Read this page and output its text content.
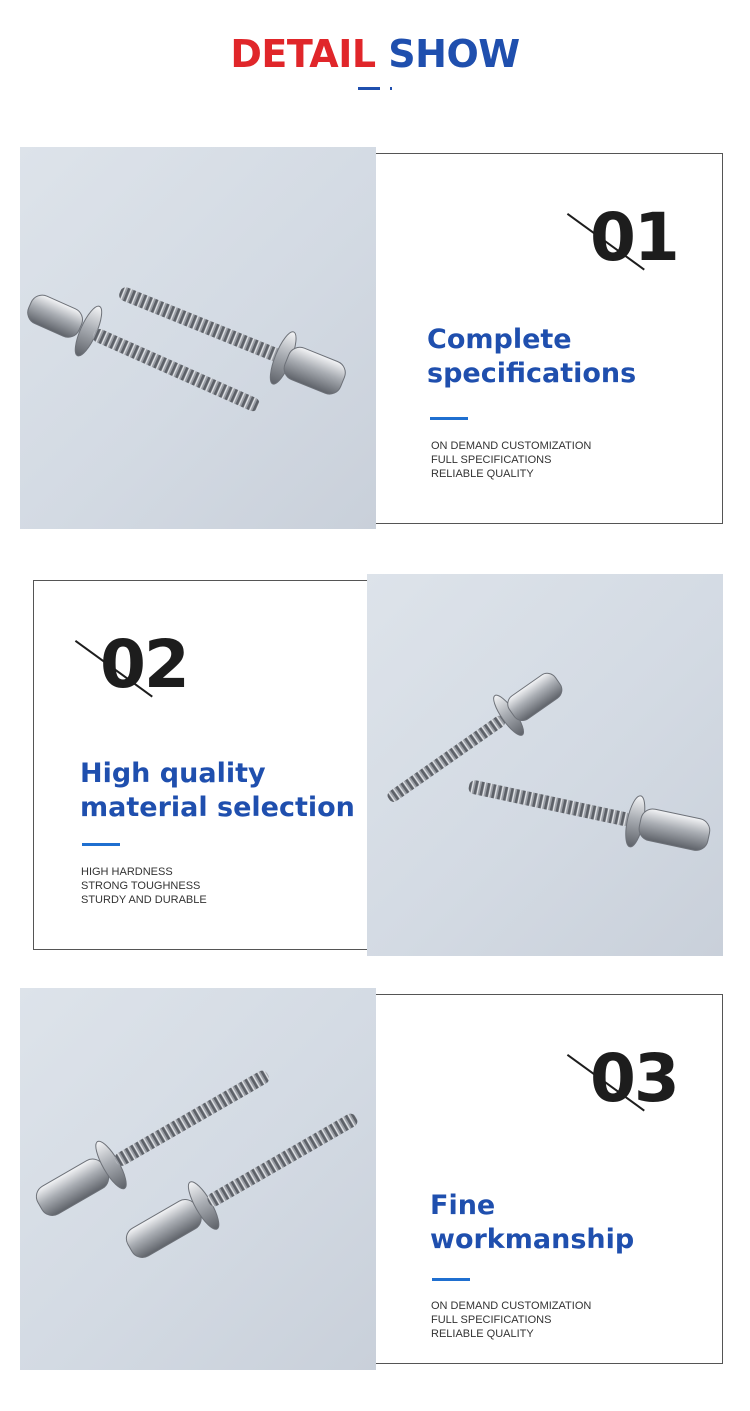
DETAIL SHOW
01
Complete
specifications
ON DEMAND CUSTOMIZATION
FULL SPECIFICATIONS
RELIABLE QUALITY
02
High quality
material selection
HIGH HARDNESS
STRONG TOUGHNESS
STURDY AND DURABLE
03
Fine
workmanship
ON DEMAND CUSTOMIZATION
FULL SPECIFICATIONS
RELIABLE QUALITY
